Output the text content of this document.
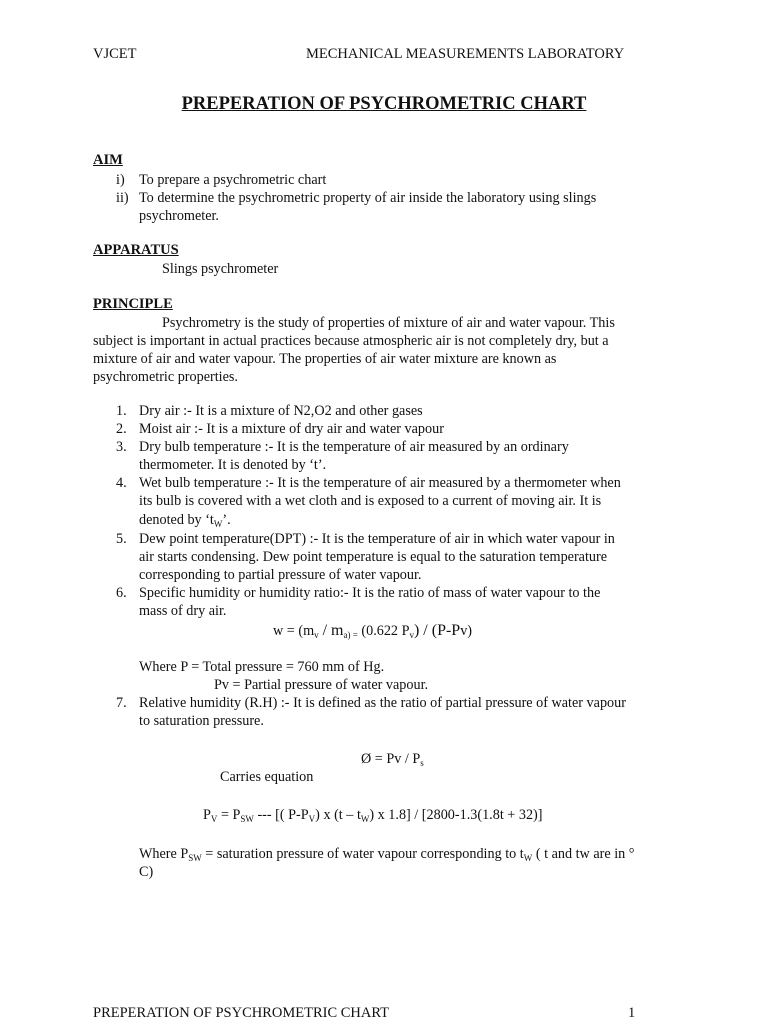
VJCET	MECHANICAL MEASUREMENTS LABORATORY
PREPERATION OF PSYCHROMETRIC CHART
AIM
i) To prepare a psychrometric chart
ii) To determine the psychrometric property of air inside the laboratory using slings
psychrometer.
APPARATUS
Slings psychrometer
PRINCIPLE
Psychrometry is the study of properties of mixture of air and water vapour. This
subject is important in actual practices because atmospheric air is not completely dry, but a
mixture of air and water vapour. The properties of air water mixture are known as
psychrometric properties.
1. Dry air :- It is a mixture of N2,O2 and other gases
2. Moist air :- It is a mixture of dry air and water vapour
3. Dry bulb temperature :- It is the temperature of air measured by an ordinary
thermometer. It is denoted by ‘t’.
4. Wet bulb temperature :- It is the temperature of air measured by a thermometer when
its bulb is covered with a wet cloth and is exposed to a current of moving air. It is
denoted by ‘$t_W$’.
5. Dew point temperature(DPT) :- It is the temperature of air in which water vapour in
air starts condensing. Dew point temperature is equal to the saturation temperature
corresponding to partial pressure of water vapour.
6. Specific humidity or humidity ratio:- It is the ratio of mass of water vapour to the
mass of dry air.
$w = (m_v / m_{a) =}$ (0.622 $P_v) / (P-Pv)$
Where P = Total pressure = 760 mm of Hg.
Pv = Partial pressure of water vapour.
7. Relative humidity (R.H) :- It is defined as the ratio of partial pressure of water vapour
to saturation pressure.
Ø = Pv / $P_s$
Carries equation
$P_V = P_{SW}$ --- [( $P-P_V$) x $(t - t_W)$ x 1.8] / [2800-1.3(1.8t + 32)]
Where $P_{SW}$ = saturation pressure of water vapour corresponding to $t_W$ ( t and tw are in °
C)
PREPERATION OF PSYCHROMETRIC CHART	1
